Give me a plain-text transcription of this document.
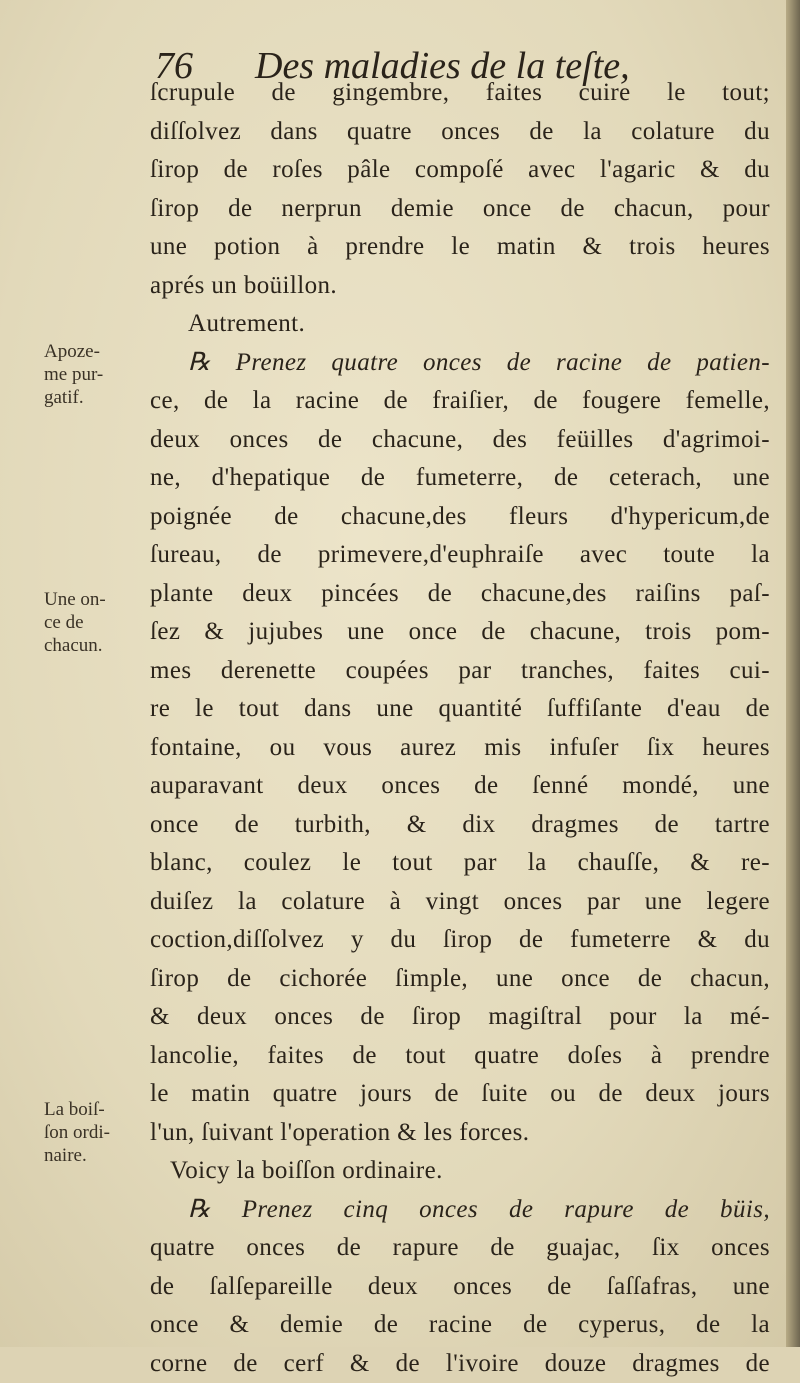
76 Des maladies de la teſte,
ſcrupule de gingembre, faites cuire le tout;
diſſolvez dans quatre onces de la colature du
ſirop de roſes pâle compoſé avec l'agaric & du
ſirop de nerprun demie once de chacun, pour
une potion à prendre le matin & trois heures
aprés un boüillon.
Autrement.
℞ Prenez quatre onces de racine de patien-
ce, de la racine de fraiſier, de fougere femelle,
deux onces de chacune, des feüilles d'agrimoi-
ne, d'hepatique de fumeterre, de ceterach, une
poignée de chacune,des fleurs d'hypericum,de
ſureau, de primevere,d'euphraiſe avec toute la
plante deux pincées de chacune,des raiſins paſ-
ſez & jujubes une once de chacune, trois pom-
mes derenette coupées par tranches, faites cui-
re le tout dans une quantité ſuffiſante d'eau de
fontaine, ou vous aurez mis infuſer ſix heures
auparavant deux onces de ſenné mondé, une
once de turbith, & dix dragmes de tartre
blanc, coulez le tout par la chauſſe, & re-
duiſez la colature à vingt onces par une legere
coction,diſſolvez y du ſirop de fumeterre & du
ſirop de cichorée ſimple, une once de chacun,
& deux onces de ſirop magiſtral pour la mé-
lancolie, faites de tout quatre doſes à prendre
le matin quatre jours de ſuite ou de deux jours
l'un, ſuivant l'operation & les forces.
Voicy la boiſſon ordinaire.
℞ Prenez cinq onces de rapure de büis,
quatre onces de rapure de guajac, ſix onces
de ſalſepareille deux onces de ſaſſafras, une
once & demie de racine de cyperus, de la
corne de cerf & de l'ivoire douze dragmes de
Apoze-
me pur-
gatif.
Une on-
ce de
chacun.
La boiſ-
ſon ordi-
naire.
